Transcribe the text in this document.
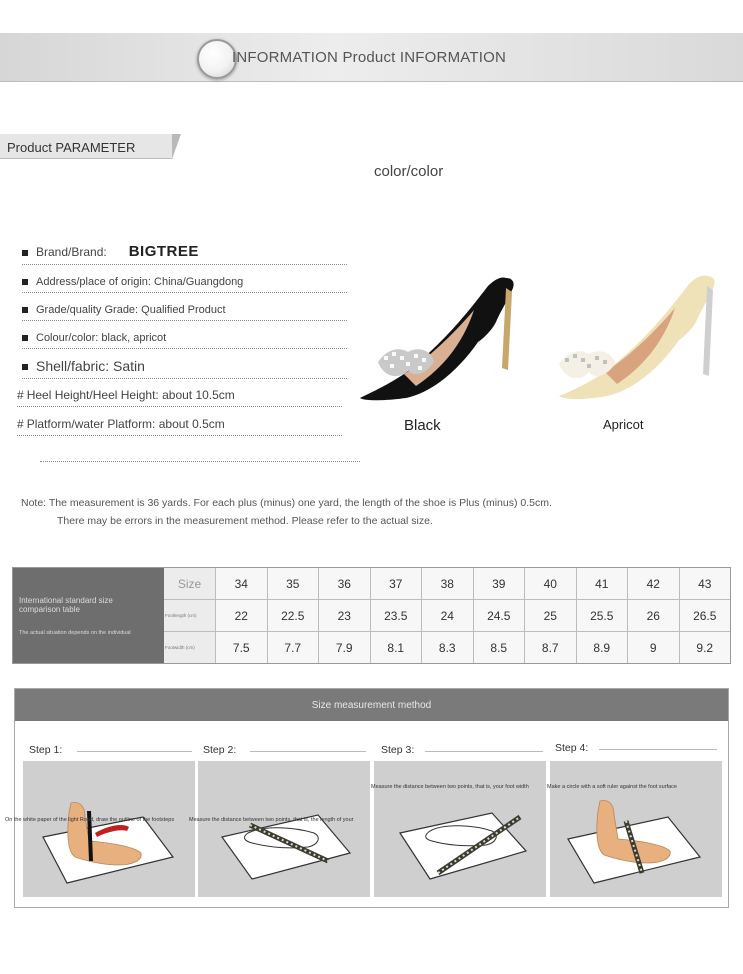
INFORMATION Product INFORMATION
Product PARAMETER
color/color
Brand/Brand: BIGTREE
Address/place of origin: China/Guangdong
Grade/quality Grade: Qualified Product
Colour/color: black, apricot
Shell/fabric: Satin
# Heel Height/Heel Height: about 10.5cm
# Platform/water Platform: about 0.5cm	Black	Apricot
Note: The measurement is 36 yards. For each plus (minus) one yard, the length of the shoe is Plus (minus) 0.5cm.
There may be errors in the measurement method. Please refer to the actual size.
International standard size comparison table
The actual situation depends on the individual
Size	34	35	36	37	38	39	40	41	42	43
Footlength (cm)	22	22.5	23	23.5	24	24.5	25	25.5	26	26.5
Footwidth (cm)	7.5	7.7	7.9	8.1	8.3	8.5	8.7	8.9	9	9.2
Size measurement method
Step 1:
On the white paper of the light Road, draw the outline of the footsteps
Step 2:
Measure the distance between two points, that is, the length of your
Step 3:
Measure the distance between two points, that is, your foot width
Step 4:
Make a circle with a soft ruler against the foot surface
